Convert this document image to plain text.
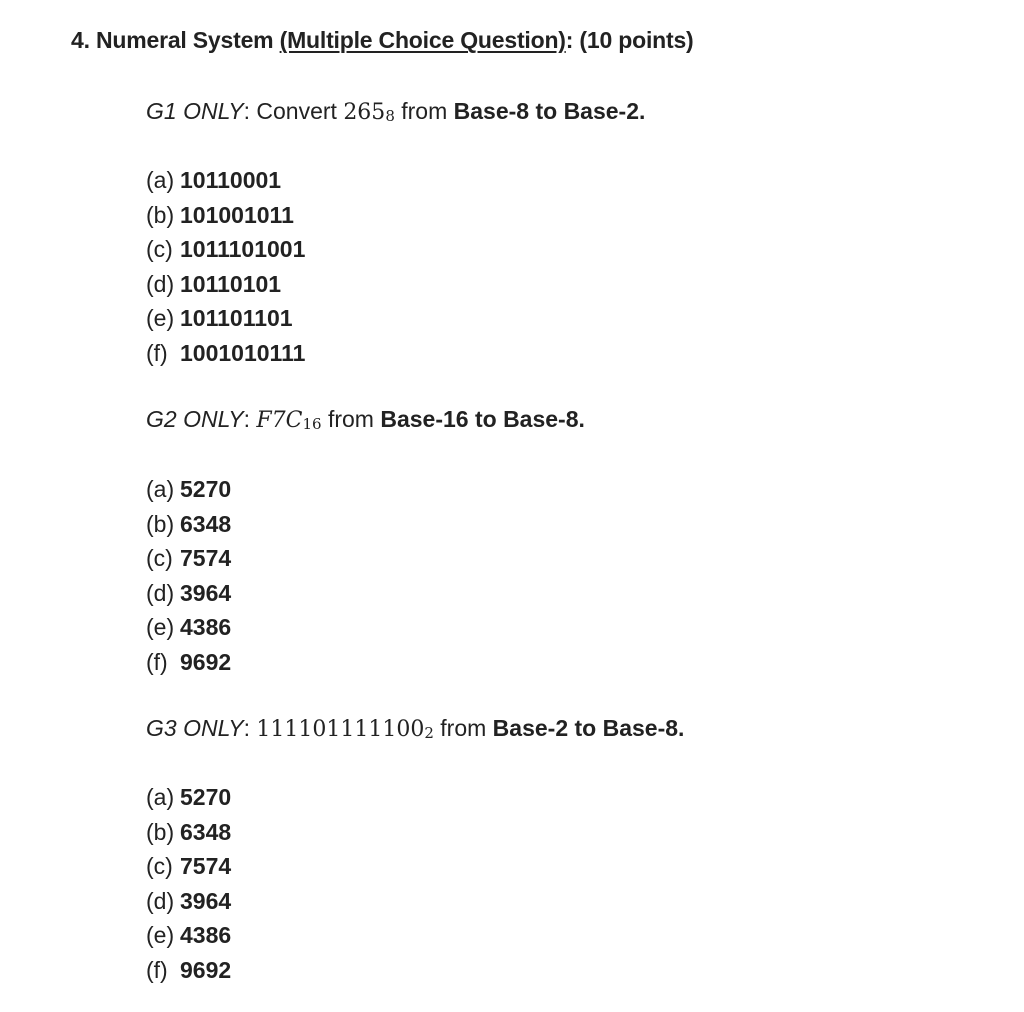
4. Numeral System (Multiple Choice Question): (10 points)
G1 ONLY: Convert $265_8$ from Base-8 to Base-2.
(a) 10110001
(b) 101001011
(c) 1011101001
(d) 10110101
(e) 101101101
(f) 1001010111
G2 ONLY: $F7C_{16}$ from Base-16 to Base-8.
(a) 5270
(b) 6348
(c) 7574
(d) 3964
(e) 4386
(f) 9692
G3 ONLY: $111101111100_2$ from Base-2 to Base-8.
(a) 5270
(b) 6348
(c) 7574
(d) 3964
(e) 4386
(f) 9692
